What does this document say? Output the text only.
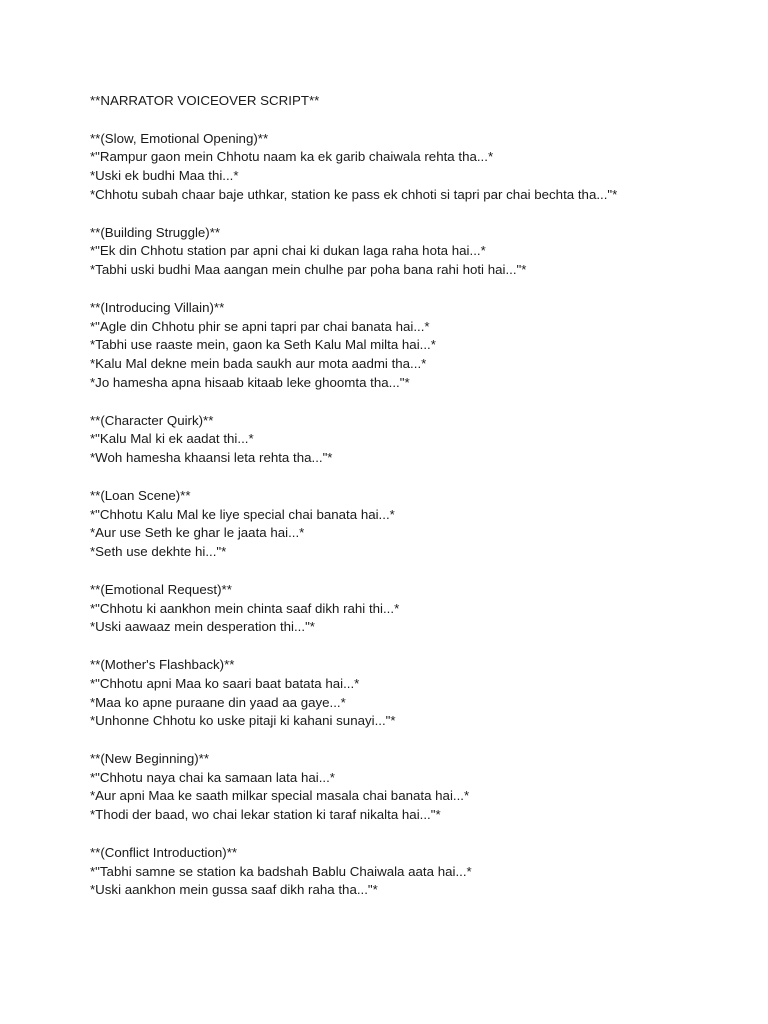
**NARRATOR VOICEOVER SCRIPT**
**(Slow, Emotional Opening)**
*"Rampur gaon mein Chhotu naam ka ek garib chaiwala rehta tha...*
*Uski ek budhi Maa thi...*
*Chhotu subah chaar baje uthkar, station ke pass ek chhoti si tapri par chai bechta tha..."*
**(Building Struggle)**
*"Ek din Chhotu station par apni chai ki dukan laga raha hota hai...*
*Tabhi uski budhi Maa aangan mein chulhe par poha bana rahi hoti hai..."*
**(Introducing Villain)**
*"Agle din Chhotu phir se apni tapri par chai banata hai...*
*Tabhi use raaste mein, gaon ka Seth Kalu Mal milta hai...*
*Kalu Mal dekne mein bada saukh aur mota aadmi tha...*
*Jo hamesha apna hisaab kitaab leke ghoomta tha..."*
**(Character Quirk)**
*"Kalu Mal ki ek aadat thi...*
*Woh hamesha khaansi leta rehta tha..."*
**(Loan Scene)**
*"Chhotu Kalu Mal ke liye special chai banata hai...*
*Aur use Seth ke ghar le jaata hai...*
*Seth use dekhte hi..."*
**(Emotional Request)**
*"Chhotu ki aankhon mein chinta saaf dikh rahi thi...*
*Uski aawaaz mein desperation thi..."*
**(Mother's Flashback)**
*"Chhotu apni Maa ko saari baat batata hai...*
*Maa ko apne puraane din yaad aa gaye...*
*Unhonne Chhotu ko uske pitaji ki kahani sunayi..."*
**(New Beginning)**
*"Chhotu naya chai ka samaan lata hai...*
*Aur apni Maa ke saath milkar special masala chai banata hai...*
*Thodi der baad, wo chai lekar station ki taraf nikalta hai..."*
**(Conflict Introduction)**
*"Tabhi samne se station ka badshah Bablu Chaiwala aata hai...*
*Uski aankhon mein gussa saaf dikh raha tha..."*
